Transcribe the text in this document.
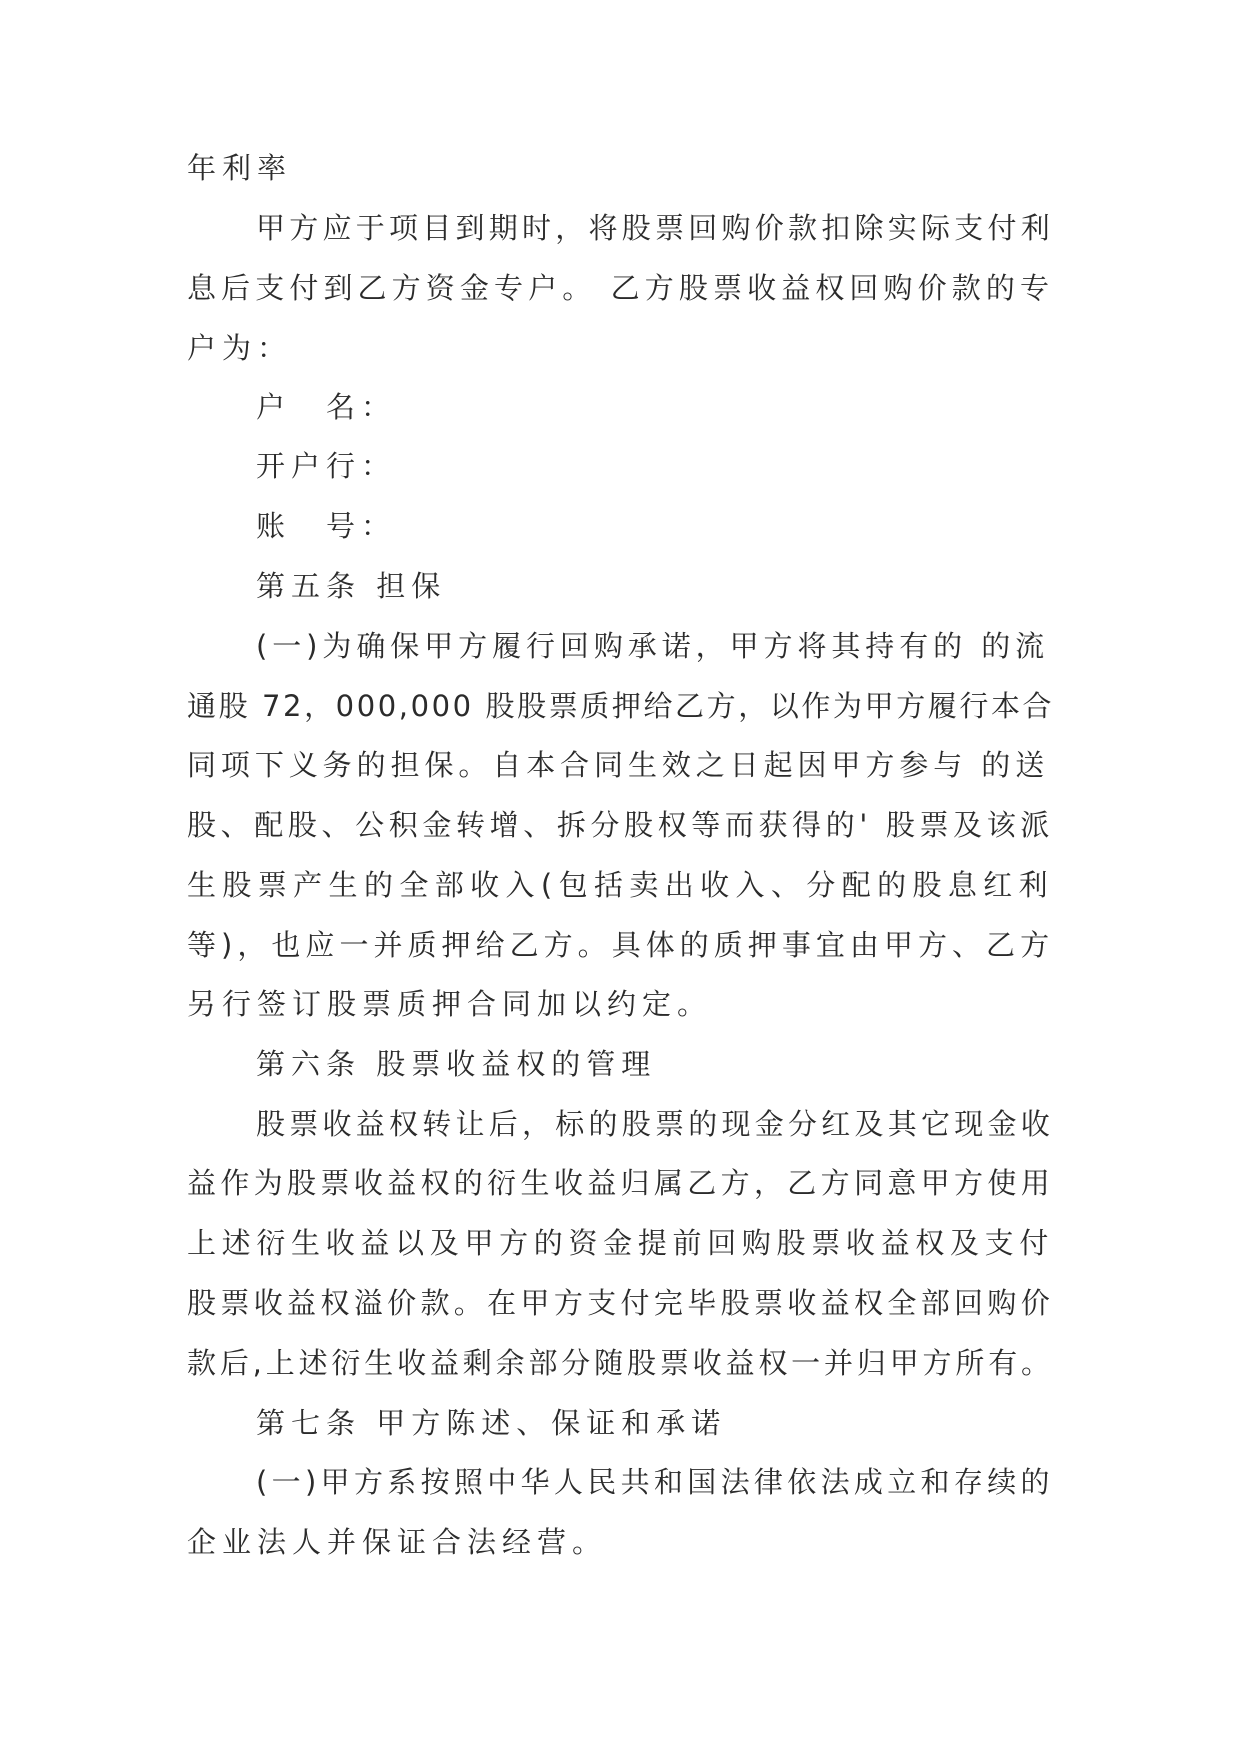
年利率
甲方应于项目到期时，将股票回购价款扣除实际支付利
息后支付到乙方资金专户。 乙方股票收益权回购价款的专
户为：
户　名：
开户行：
账　号：
第五条 担保
(一)为确保甲方履行回购承诺，甲方将其持有的 的流
通股 72，000,000 股股票质押给乙方，以作为甲方履行本合
同项下义务的担保。自本合同生效之日起因甲方参与 的送
股、配股、公积金转增、拆分股权等而获得的' 股票及该派
生股票产生的全部收入(包括卖出收入、分配的股息红利
等)，也应一并质押给乙方。具体的质押事宜由甲方、乙方
另行签订股票质押合同加以约定。
第六条 股票收益权的管理
股票收益权转让后，标的股票的现金分红及其它现金收
益作为股票收益权的衍生收益归属乙方，乙方同意甲方使用
上述衍生收益以及甲方的资金提前回购股票收益权及支付
股票收益权溢价款。在甲方支付完毕股票收益权全部回购价
款后,上述衍生收益剩余部分随股票收益权一并归甲方所有。
第七条 甲方陈述、保证和承诺
(一)甲方系按照中华人民共和国法律依法成立和存续的
企业法人并保证合法经营。
